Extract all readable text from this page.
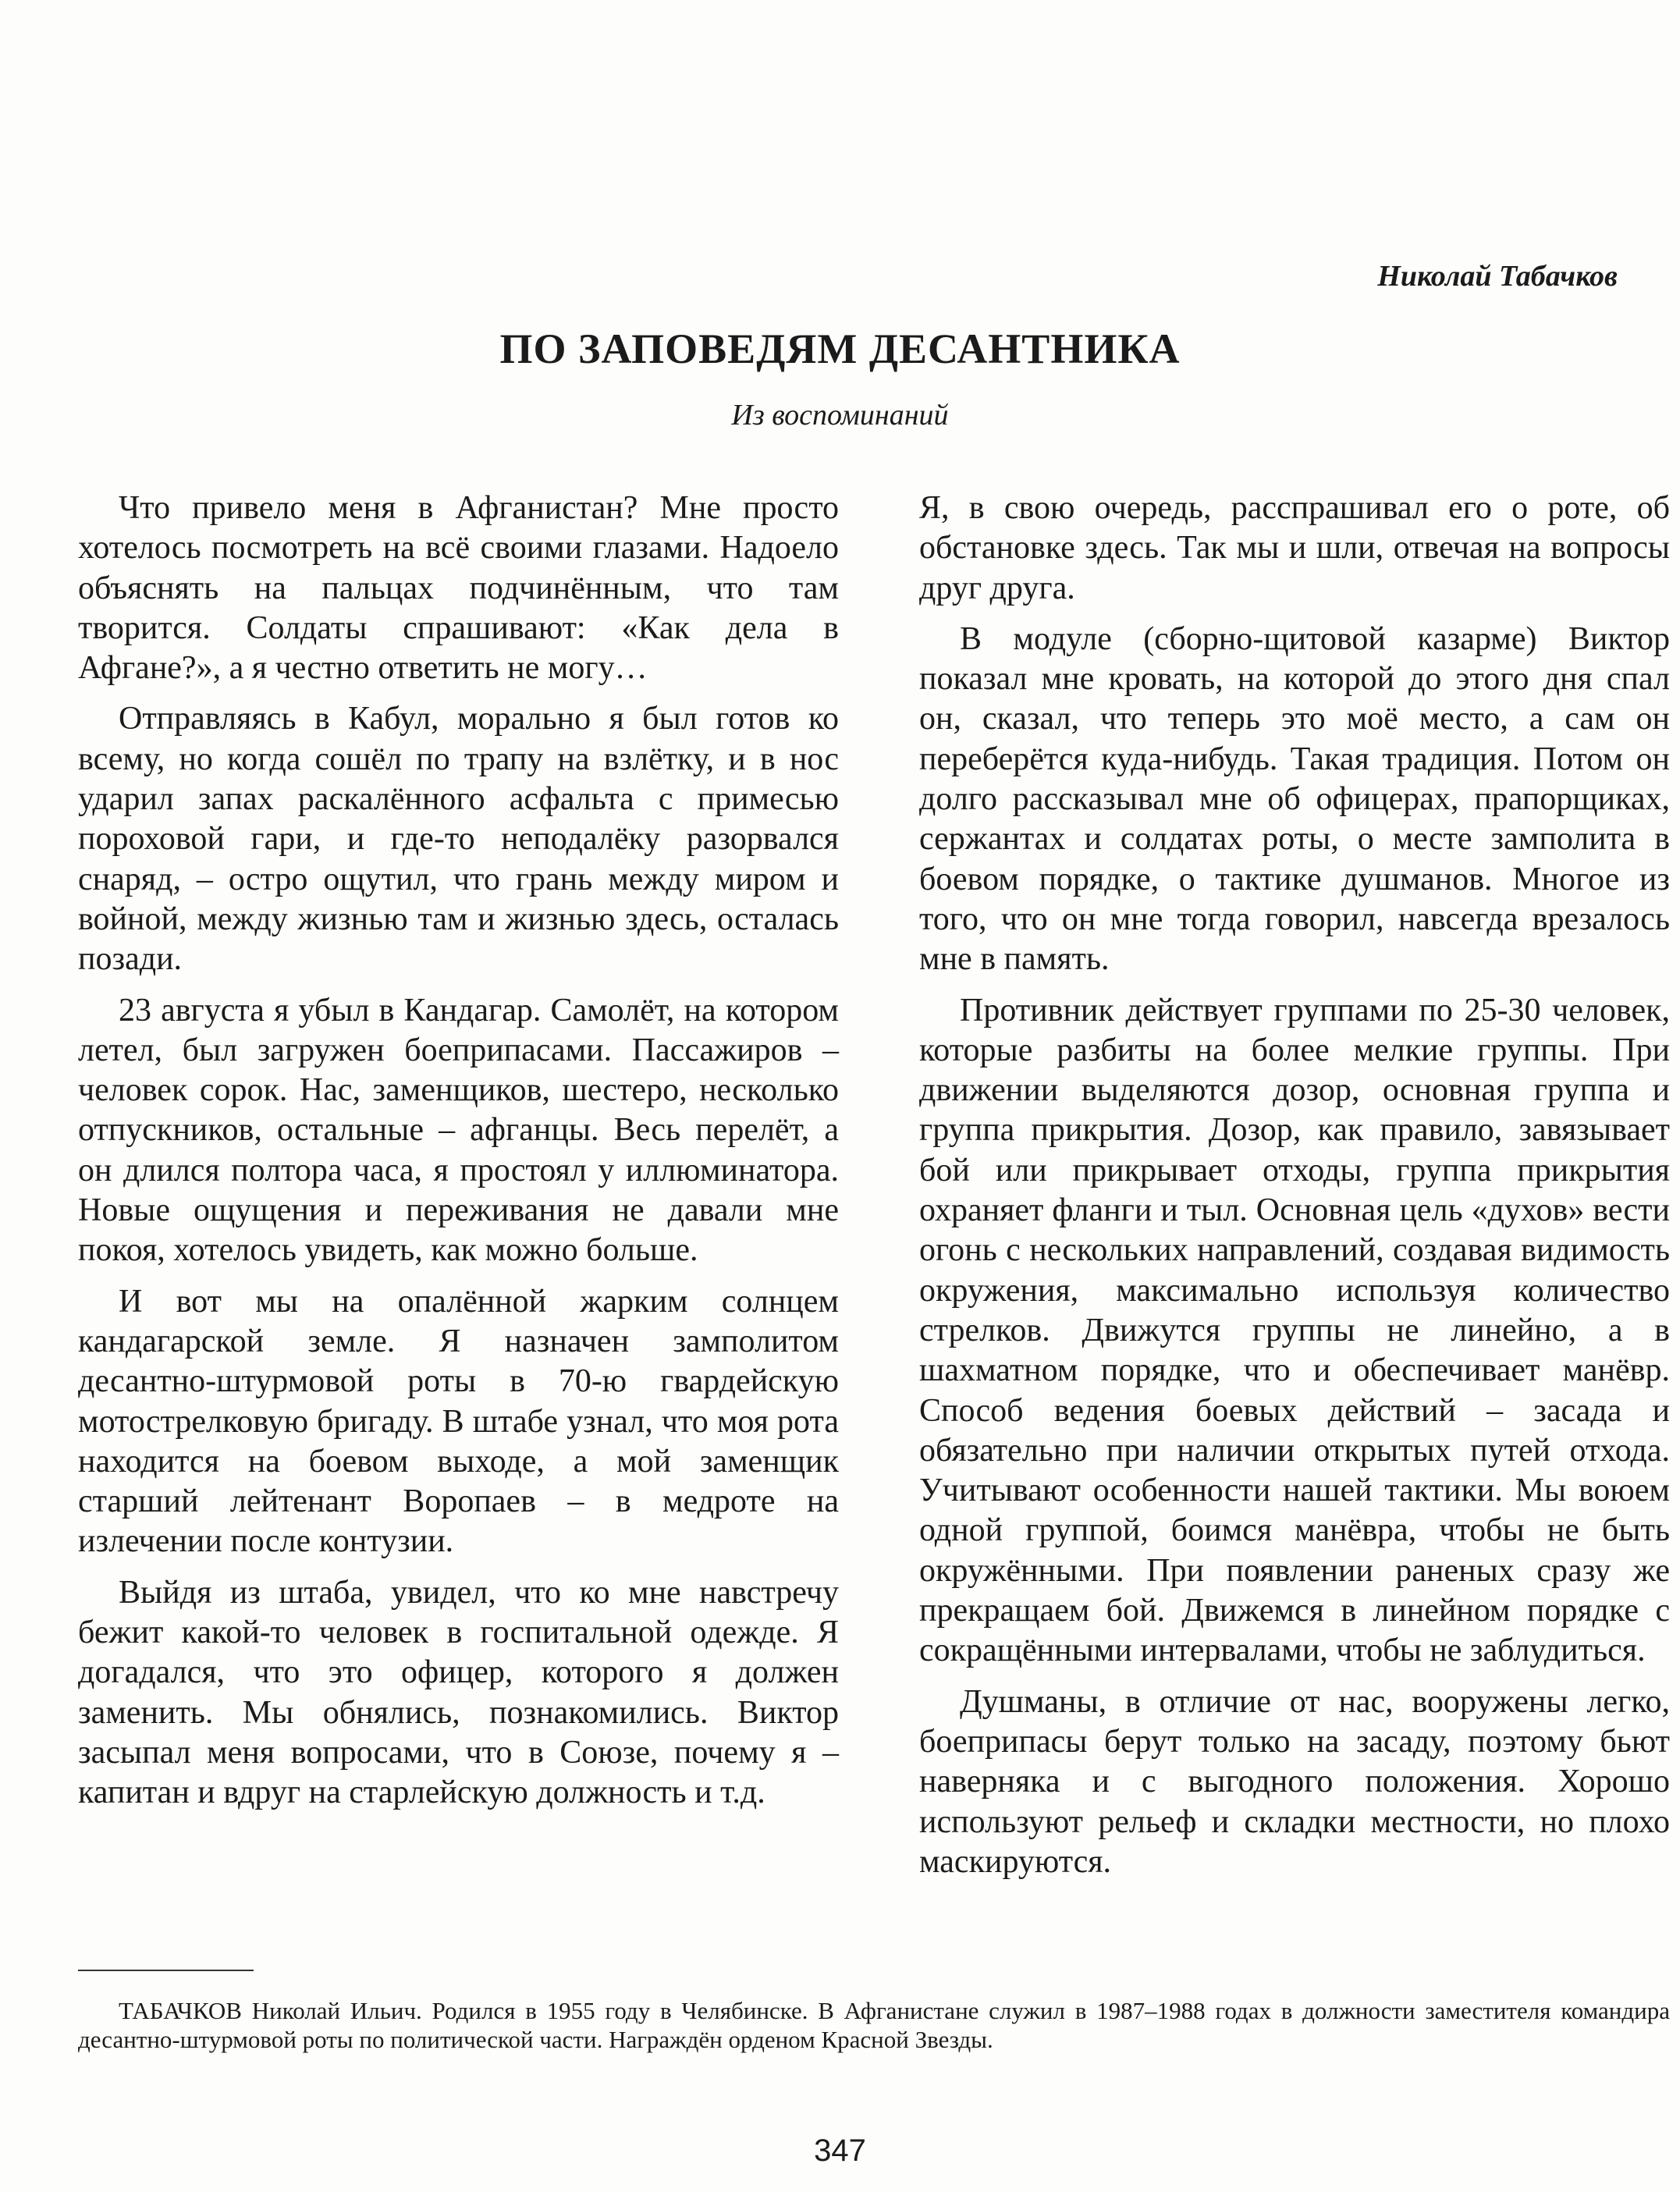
Николай Табачков
ПО ЗАПОВЕДЯМ ДЕСАНТНИКА
Из воспоминаний

Что привело меня в Афганистан? Мне просто хотелось посмотреть на всё своими глазами. Надоело объяснять на пальцах подчинённым, что там творится. Солдаты спрашивают: «Как дела в Афгане?», а я честно ответить не могу…

Отправляясь в Кабул, морально я был готов ко всему, но когда сошёл по трапу на взлётку, и в нос ударил запах раскалённого асфальта с примесью пороховой гари, и где-то неподалёку разорвался снаряд, – остро ощутил, что грань между миром и войной, между жизнью там и жизнью здесь, осталась позади.

23 августа я убыл в Кандагар. Самолёт, на котором летел, был загружен боеприпасами. Пассажиров – человек сорок. Нас, заменщиков, шестеро, несколько отпускников, остальные – афганцы. Весь перелёт, а он длился полтора часа, я простоял у иллюминатора. Новые ощущения и переживания не давали мне покоя, хотелось увидеть, как можно больше.

И вот мы на опалённой жарким солнцем кандагарской земле. Я назначен замполитом десантно-штурмовой роты в 70-ю гвардейскую мотострелковую бригаду. В штабе узнал, что моя рота находится на боевом выходе, а мой заменщик старший лейтенант Воропаев – в медроте на излечении после контузии.

Выйдя из штаба, увидел, что ко мне навстречу бежит какой-то человек в госпитальной одежде. Я догадался, что это офицер, которого я должен заменить. Мы обнялись, познакомились. Виктор засыпал меня вопросами, что в Союзе, почему я – капитан и вдруг на старлейскую должность и т.д.

Я, в свою очередь, расспрашивал его о роте, об обстановке здесь. Так мы и шли, отвечая на вопросы друг друга.

В модуле (сборно-щитовой казарме) Виктор показал мне кровать, на которой до этого дня спал он, сказал, что теперь это моё место, а сам он переберётся куда-нибудь. Такая традиция. Потом он долго рассказывал мне об офицерах, прапорщиках, сержантах и солдатах роты, о месте замполита в боевом порядке, о тактике душманов. Многое из того, что он мне тогда говорил, навсегда врезалось мне в память.

Противник действует группами по 25-30 человек, которые разбиты на более мелкие группы. При движении выделяются дозор, основная группа и группа прикрытия. Дозор, как правило, завязывает бой или прикрывает отходы, группа прикрытия охраняет фланги и тыл. Основная цель «духов» вести огонь с нескольких направлений, создавая видимость окружения, максимально используя количество стрелков. Движутся группы не линейно, а в шахматном порядке, что и обеспечивает манёвр. Способ ведения боевых действий – засада и обязательно при наличии открытых путей отхода. Учитывают особенности нашей тактики. Мы воюем одной группой, боимся манёвра, чтобы не быть окружёнными. При появлении раненых сразу же прекращаем бой. Движемся в линейном порядке с сокращёнными интервалами, чтобы не заблудиться.

Душманы, в отличие от нас, вооружены легко, боеприпасы берут только на засаду, поэтому бьют наверняка и с выгодного положения. Хорошо используют рельеф и складки местности, но плохо маскируются.

ТАБАЧКОВ Николай Ильич. Родился в 1955 году в Челябинске. В Афганистане служил в 1987–1988 годах в должности заместителя командира десантно-штурмовой роты по политической части. Награждён орденом Красной Звезды.

347
